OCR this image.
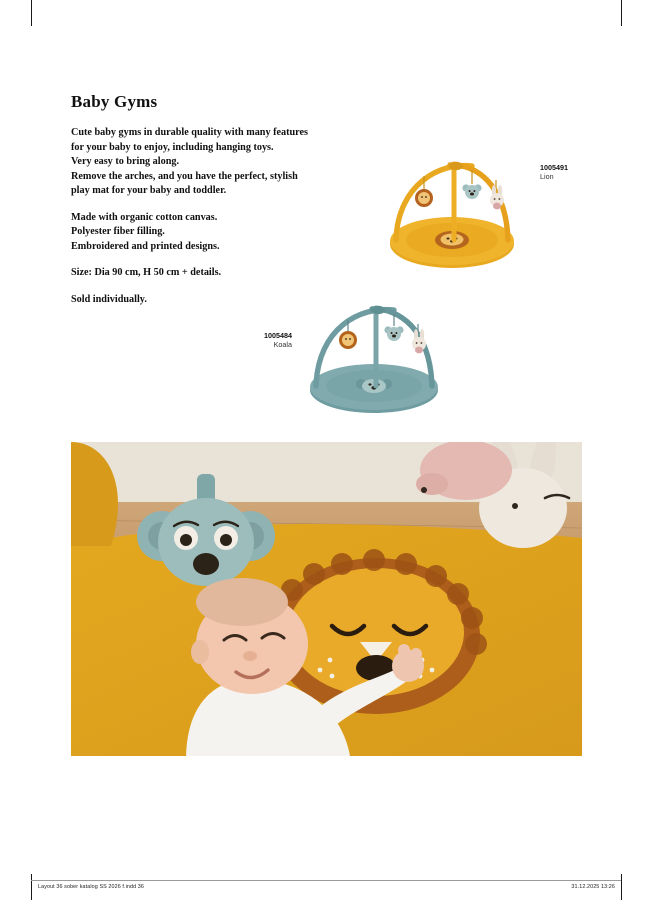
Baby Gyms

Cute baby gyms in durable quality with many features
for your baby to enjoy, including hanging toys.
Very easy to bring along.
Remove the arches, and you have the perfect, stylish
play mat for your baby and toddler.

Made with organic cotton canvas.
Polyester fiber filling.
Embroidered and printed designs.

Size: Dia 90 cm, H 50 cm + details.

Sold individually.

1005491
Lion
1005484
Koala
Layout 36 sober katalog SS 2026 f.indd 36	31.12.2025 13:26
